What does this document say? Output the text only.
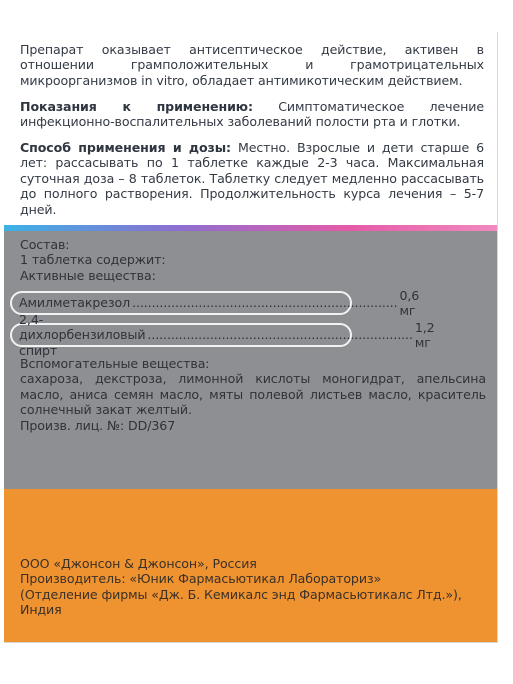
Препарат оказывает антисептическое действие, активен в отношении грамположительных и грамотрицательных микроорганизмов in vitro, обладает антимикотическим действием.
Показания к применению: Симптоматическое лечение инфекционно-воспалительных заболеваний полости рта и глотки.
Способ применения и дозы: Местно. Взрослые и дети старше 6 лет: рассасывать по 1 таблетке каждые 2-3 часа. Максимальная суточная доза – 8 таблеток. Таблетку следует медленно рассасывать до полного растворения. Продолжительность курса лечения – 5-7 дней.
Состав:
1 таблетка содержит:
Активные вещества:
Амилметакрезол ....................................................................
0,6 мг
2,4-дихлорбензиловый спирт
....................................................................
1,2 мг
Вспомогательные вещества:
сахароза, декстроза, лимонной кислоты моногидрат, апельсина масло, аниса семян масло, мяты полевой листьев масло, краситель солнечный закат желтый.
Произв. лиц. №: DD/367
ООО «Джонсон & Джонсон», Россия
Производитель: «Юник Фармасьютикал Лабораториз»
(Отделение фирмы «Дж. Б. Кемикалс энд Фармасьютикалс Лтд.»), Индия
